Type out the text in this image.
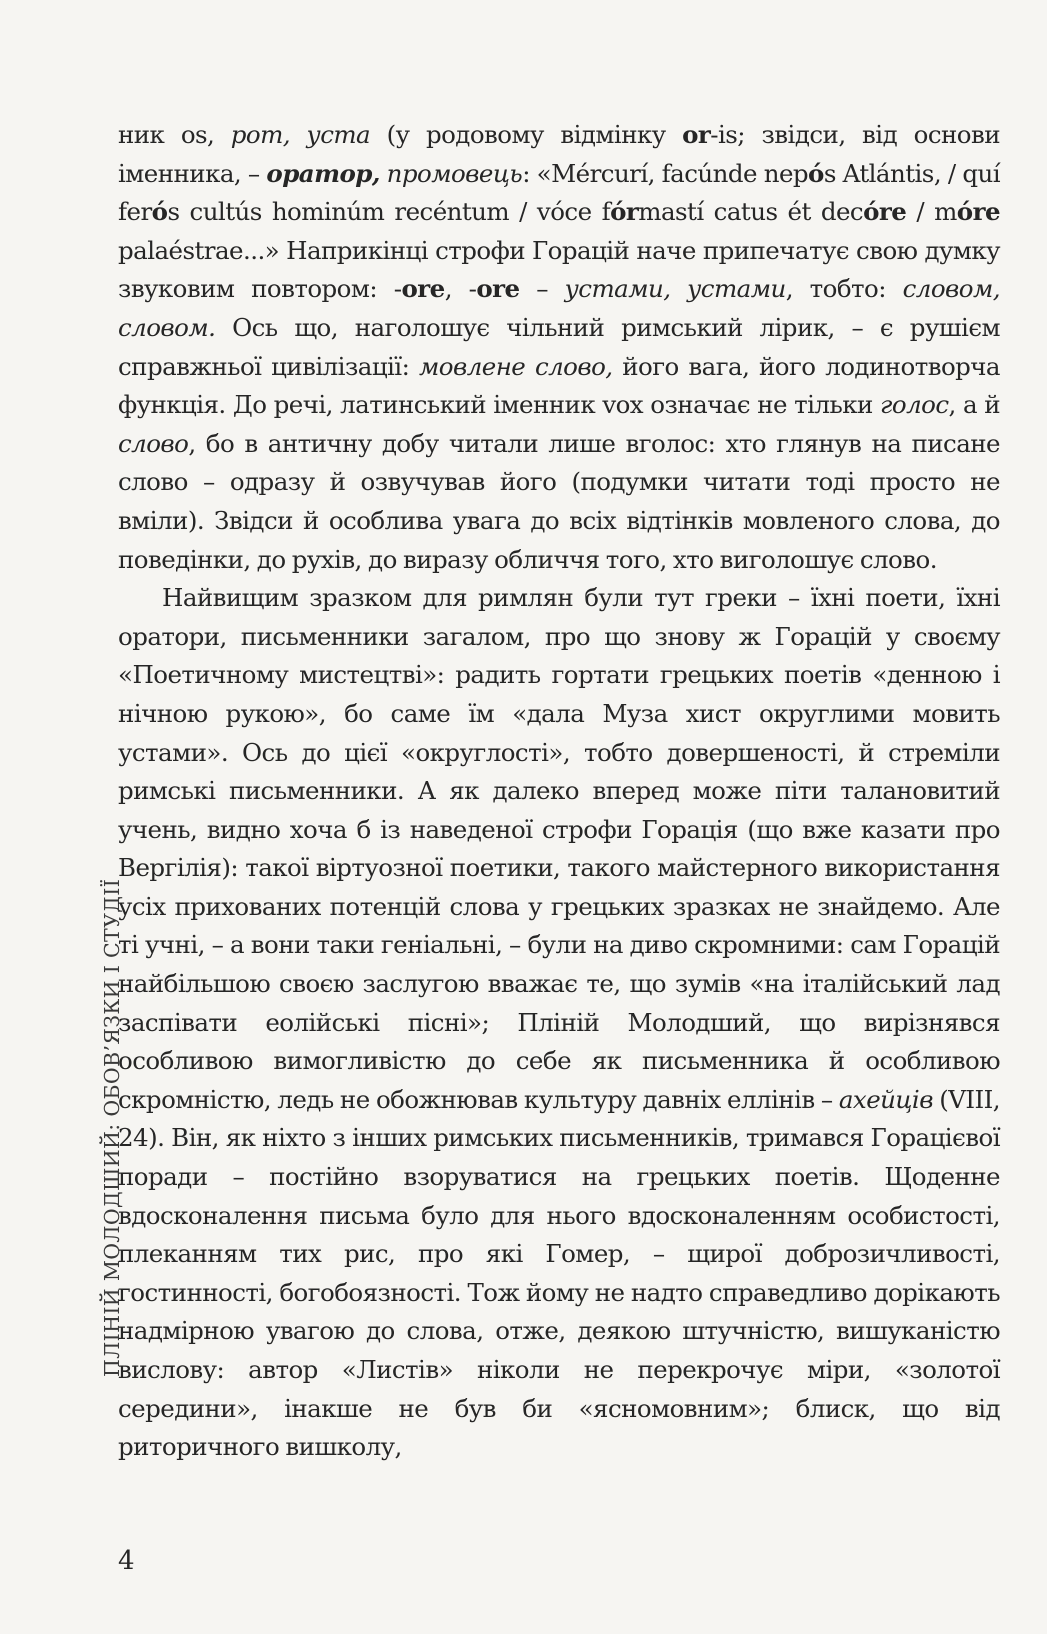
ПЛІНІЙ МОЛОДШИЙ: ОБОВ’ЯЗКИ І СТУДІЇ

ник os, рот, уста (у родовому відмінку or-is; звідси, від основи іменника, – оратор, промовець: «Mércurí, facúnde nepós Atlántis, / quí ferós cultús hominúm recéntum / vóce fórmastí catus ét decóre / móre palaéstrae...» Наприкінці строфи Горацій наче припечатує свою думку звуковим повтором: -ore, -ore – устами, устами, тобто: словом, словом. Ось що, наголошує чільний римський лірик, – є рушієм справжньої цивілізації: мовлене слово, його вага, його лодинотворча функція. До речі, латинський іменник vox означає не тільки голос, а й слово, бо в античну добу читали лише вголос: хто глянув на писане слово – одразу й озвучував його (подумки читати тоді просто не вміли). Звідси й особлива увага до всіх відтінків мовленого слова, до поведінки, до рухів, до виразу обличчя того, хто виголошує слово.

Найвищим зразком для римлян були тут греки – їхні поети, їхні оратори, письменники загалом, про що знову ж Горацій у своєму «Поетичному мистецтві»: радить гортати грецьких поетів «денною і нічною рукою», бо саме їм «дала Муза хист округлими мовить устами». Ось до цієї «округлості», тобто довершеності, й стреміли римські письменники. А як далеко вперед може піти талановитий учень, видно хоча б із наведеної строфи Горація (що вже казати про Вергілія): такої віртуозної поетики, такого майстерного використання усіх прихованих потенцій слова у грецьких зразках не знайдемо. Але ті учні, – а вони таки геніальні, – були на диво скромними: сам Горацій найбільшою своєю заслугою вважає те, що зумів «на італійський лад заспівати еолійські пісні»; Пліній Молодший, що вирізнявся особливою вимогливістю до себе як письменника й особливою скромністю, ледь не обожнював культуру давніх еллінів – ахейців (VIII, 24). Він, як ніхто з інших римських письменників, тримався Горацієвої поради – постійно взоруватися на грецьких поетів. Щоденне вдосконалення письма було для нього вдосконаленням особистості, плеканням тих рис, про які Гомер, – щирої доброзичливості, гостинності, богобоязності. Тож йому не надто справедливо дорікають надмірною увагою до слова, отже, деякою штучністю, вишуканістю вислову: автор «Листів» ніколи не перекрочує міри, «золотої середини», інакше не був би «ясномовним»; блиск, що від риторичного вишколу,

4
